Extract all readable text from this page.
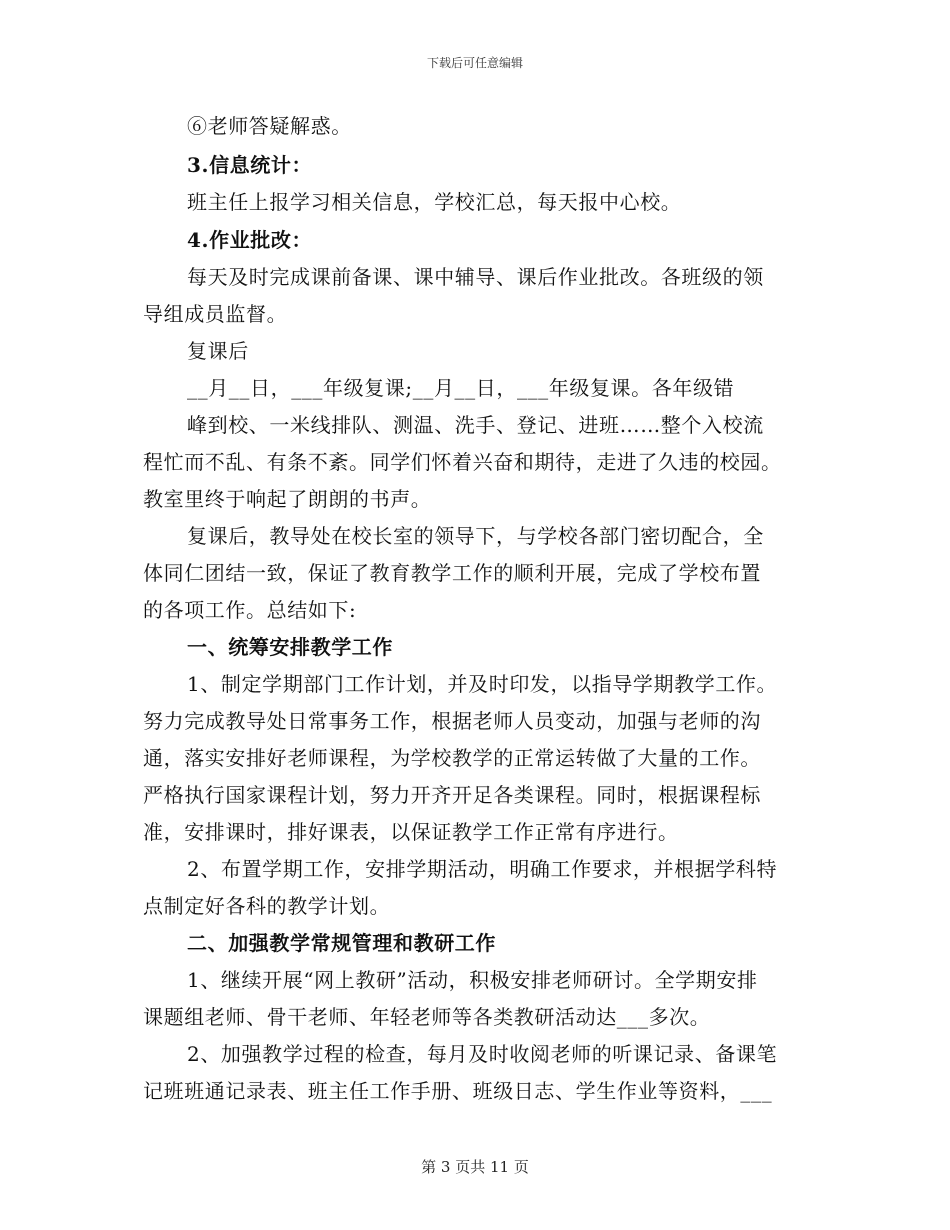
下载后可任意编辑
⑥老师答疑解惑。
3.信息统计：
班主任上报学习相关信息，学校汇总，每天报中心校。
4.作业批改：
每天及时完成课前备课、课中辅导、课后作业批改。各班级的领
导组成员监督。
复课后
__月__日，___年级复课;__月__日，___年级复课。各年级错
峰到校、一米线排队、测温、洗手、登记、进班……整个入校流
程忙而不乱、有条不紊。同学们怀着兴奋和期待，走进了久违的校园。
教室里终于响起了朗朗的书声。
复课后，教导处在校长室的领导下，与学校各部门密切配合，全
体同仁团结一致，保证了教育教学工作的顺利开展，完成了学校布置
的各项工作。总结如下:
一、统筹安排教学工作
1、制定学期部门工作计划，并及时印发，以指导学期教学工作。
努力完成教导处日常事务工作，根据老师人员变动，加强与老师的沟
通，落实安排好老师课程，为学校教学的正常运转做了大量的工作。
严格执行国家课程计划，努力开齐开足各类课程。同时，根据课程标
准，安排课时，排好课表，以保证教学工作正常有序进行。
2、布置学期工作，安排学期活动，明确工作要求，并根据学科特
点制定好各科的教学计划。
二、加强教学常规管理和教研工作
1、继续开展“网上教研”活动，积极安排老师研讨。全学期安排
课题组老师、骨干老师、年轻老师等各类教研活动达___多次。
2、加强教学过程的检查，每月及时收阅老师的听课记录、备课笔
记班班通记录表、班主任工作手册、班级日志、学生作业等资料，___
第 3 页共 11 页
